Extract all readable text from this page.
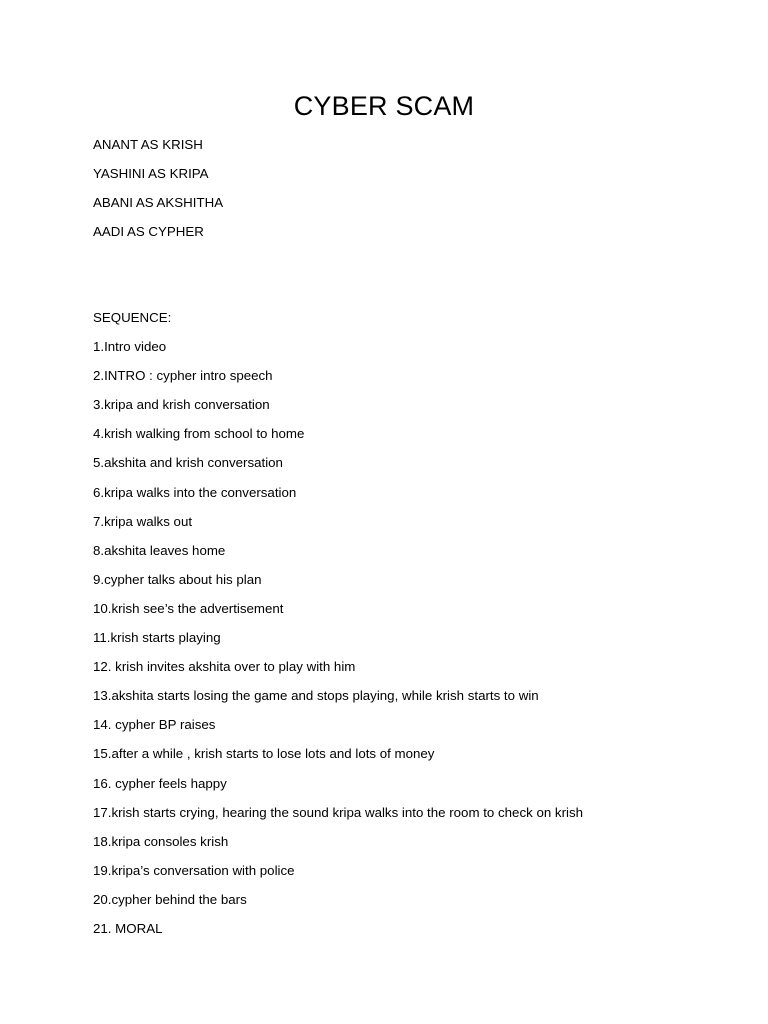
CYBER SCAM
ANANT AS KRISH
YASHINI AS KRIPA
ABANI AS AKSHITHA
AADI AS CYPHER
SEQUENCE:
1.Intro video
2.INTRO : cypher intro speech
3.kripa and krish conversation
4.krish walking from school to home
5.akshita and krish conversation
6.kripa walks into the conversation
7.kripa walks out
8.akshita leaves home
9.cypher talks about his plan
10.krish see’s the advertisement
11.krish starts playing
12. krish invites akshita over to play with him
13.akshita starts losing the game and stops playing, while krish starts to win
14. cypher BP raises
15.after a while , krish starts to lose lots and lots of money
16. cypher feels happy
17.krish starts crying, hearing the sound kripa walks into the room to check on krish
18.kripa consoles krish
19.kripa’s conversation with police
20.cypher behind the bars
21. MORAL
